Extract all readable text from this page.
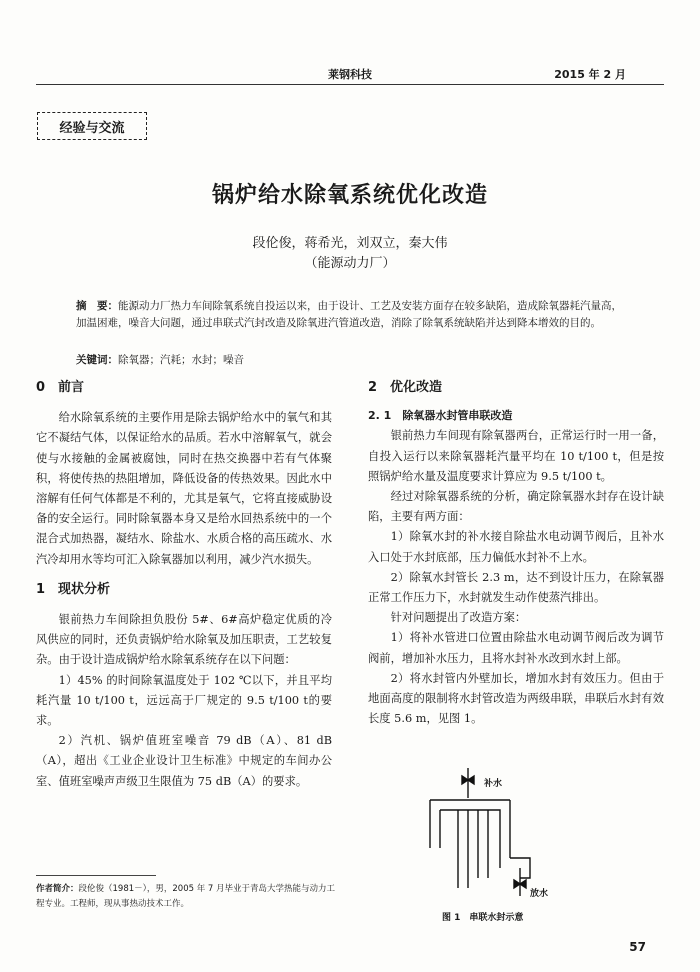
莱钢科技	2015 年 2 月
经验与交流
锅炉给水除氧系统优化改造
段伦俊，蒋希光，刘双立，秦大伟
（能源动力厂）
摘　要：能源动力厂热力车间除氧系统自投运以来，由于设计、工艺及安装方面存在较多缺陷，造成除氧器耗汽量高，加温困难，噪音大问题，通过串联式汽封改造及除氧进汽管道改造，消除了除氧系统缺陷并达到降本增效的目的。
关键词：除氧器；汽耗；水封；噪音
0　前言

给水除氧系统的主要作用是除去锅炉给水中的氧气和其它不凝结气体，以保证给水的品质。若水中溶解氧气，就会使与水接触的金属被腐蚀，同时在热交换器中若有气体聚积，将使传热的热阻增加，降低设备的传热效果。因此水中溶解有任何气体都是不利的，尤其是氧气，它将直接威胁设备的安全运行。同时除氧器本身又是给水回热系统中的一个混合式加热器，凝结水、除盐水、水质合格的高压疏水、水汽冷却用水等均可汇入除氧器加以利用，减少汽水损失。

1　现状分析

银前热力车间除担负股份 5#、6#高炉稳定优质的冷风供应的同时，还负责锅炉给水除氧及加压职责，工艺较复杂。由于设计造成锅炉给水除氧系统存在以下问题：

1）45% 的时间除氧温度处于 102 ℃以下，并且平均耗汽量 10 t/100 t，远远高于厂规定的 9.5 t/100 t的要求。

2）汽机、锅炉值班室噪音 79 dB（A）、81 dB（A），超出《工业企业设计卫生标准》中规定的车间办公室、值班室噪声声级卫生限值为 75 dB（A）的要求。

2　优化改造
2. 1　除氧器水封管串联改造

银前热力车间现有除氧器两台，正常运行时一用一备，自投入运行以来除氧器耗汽量平均在 10 t/100 t，但是按照锅炉给水量及温度要求计算应为 9.5 t/100 t。

经过对除氧器系统的分析，确定除氧器水封存在设计缺陷，主要有两方面：

1）除氧水封的补水接自除盐水电动调节阀后，且补水入口处于水封底部，压力偏低水封补不上水。

2）除氧水封管长 2.3 m，达不到设计压力，在除氧器正常工作压力下，水封就发生动作使蒸汽排出。

针对问题提出了改造方案：

1）将补水管进口位置由除盐水电动调节阀后改为调节阀前，增加补水压力，且将水封补水改到水封上部。

2）将水封管内外壁加长，增加水封有效压力。但由于地面高度的限制将水封管改造为两级串联，串联后水封有效长度 5.6 m，见图 1。

补水
放水
图 1　串联水封示意
作者简介：段伦俊（1981－），男，2005 年 7 月毕业于青岛大学热能与动力工程专业。工程师，现从事热动技术工作。
57
